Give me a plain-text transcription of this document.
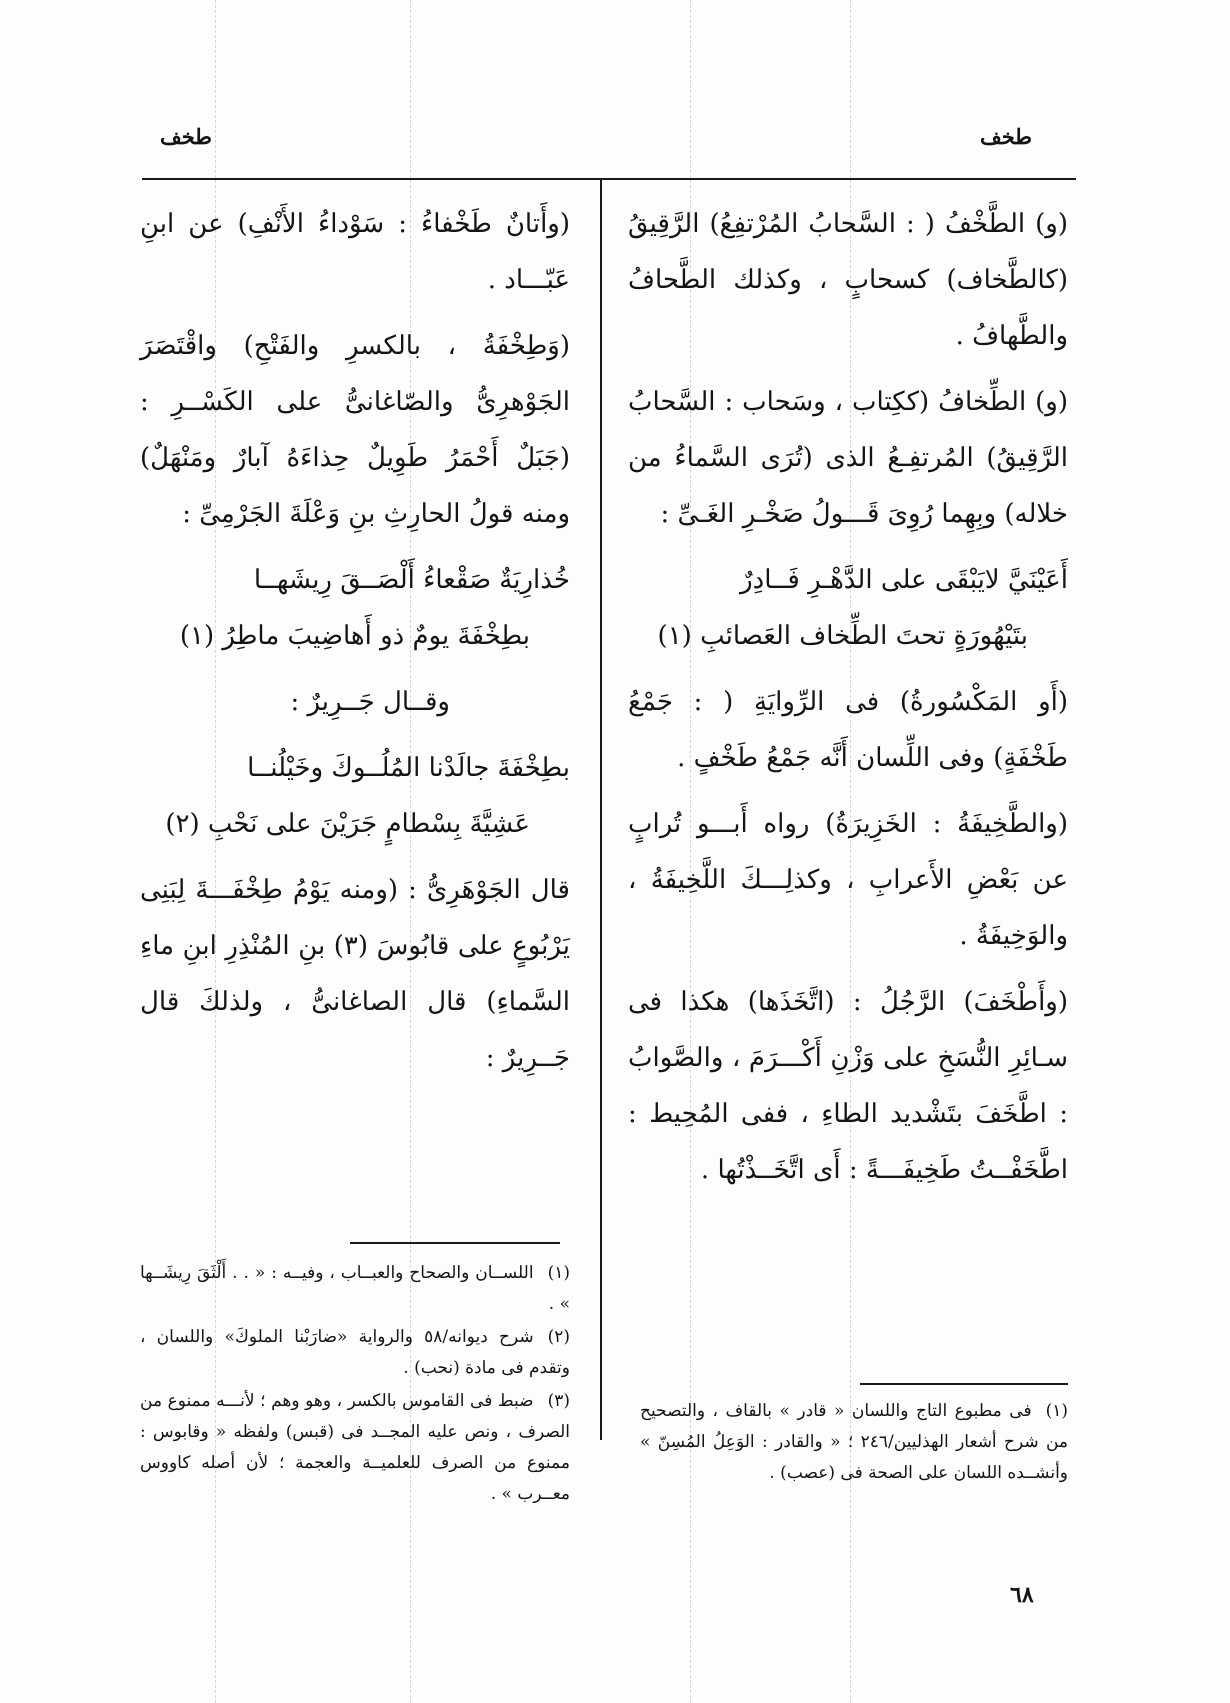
طخف
طخف

(و) الطَّخْفُ ( : السَّحابُ المُرْتفِعُ) الرَّقِيقُ (كالطَّخاف) كسحابٍ ، وكذلك الطَّحافُ والطَّهافُ .

(و) الطِّخافُ (ككِتاب ، وسَحاب : السَّحابُ الرَّقِيقُ) المُرتفِـعُ الذى (تُرَى السَّماءُ من خلاله) وبِهِما رُوِىَ قَـــولُ صَخْـرِ الغَـىِّ :

أَعَيْنَيَّ لايَبْقَى على الدَّهْـرِ فَــادِرٌ
بتَيْهُورَةٍ تحتَ الطِّخاف العَصائبِ (١)

(أَو المَكْسُورةُ) فى الرِّوايَةِ ( : جَمْعُ طَخْفَةٍ) وفى اللِّسان أَنَّه جَمْعُ طَخْفٍ .

(والطَّخِيفَةُ : الخَزِيرَةُ) رواه أَبـــو تُرابٍ عن بَعْضِ الأَعرابِ ، وكذلِـــكَ اللَّخِيفَةُ ، والوَخِيفَةُ .

(وأَطْخَفَ) الرَّجُلُ : (اتَّخَذَها) هكذا فى سـائِرِ النُّسَخِ على وَزْنِ أَكْـــرَمَ ، والصَّوابُ : اطَّخَفَ بتَشْديد الطاءِ ، ففى المُحِيط : اطَّخَفْــتُ طَخِيفَـــةً : أَى اتَّخَــذْتُها .

(١)فى مطبوع التاج واللسان « قادر » بالقاف ، والتصحيح من شرح أشعار الهذليين/٢٤٦ ؛ « والقادر : الوَعِلُ المُسِنّ » وأنشــده اللسان على الصحة فى (عصب) .

(وأَتانٌ طَخْفاءُ : سَوْداءُ الأَنْفِ) عن ابنِ عَبّـــاد .

(وَطِخْفَةُ ، بالكسرِ والفَتْحِ) واقْتَصَرَ الجَوْهرِىُّ والصّاغانىُّ على الكَسْــرِ : (جَبَلٌ أَحْمَرُ طَوِيلٌ حِذاءَهُ آبارٌ ومَنْهَلٌ) ومنه قولُ الحارِثِ بنِ وَعْلَةَ الجَرْمِىِّ :

خُذارِيَةٌ صَقْعاءُ أَلْصَــقَ رِيشَهــا
بطِخْفَةَ يومٌ ذو أَهاضِيبَ ماطِرُ (١)

وقــال جَــرِيرٌ :

بطِخْفَةَ جالَدْنا المُلُــوكَ وخَيْلُنــا
عَشِيَّةَ بِسْطامٍ جَرَيْنَ على نَحْبِ (٢)

قال الجَوْهَرِىُّ : (ومنه يَوْمُ طِخْفَـــةَ لِبَنِى يَرْبُوعٍ على قابُوسَ (٣) بنِ المُنْذِرِ ابنِ ماءِ السَّماءِ) قال الصاغانىُّ ، ولذلكَ قال جَــرِيرٌ :

(١)اللســان والصحاح والعبــاب ، وفيــه : « . . أَلْثَقَ رِيشَــها » .

(٢)شرح ديوانه/٥٨ والرواية «ضارَبْنا الملوكَ» واللسان ، وتقدم فى مادة (نحب) .

(٣)ضبط فى القاموس بالكسر ، وهو وهم ؛ لأنـــه ممنوع من الصرف ، ونص عليه المجــد فى (قبس) ولفظه « وقابوس : ممنوع من الصرف للعلميــة والعجمة ؛ لأن أصله كاووس معــرب » .

٦٨
